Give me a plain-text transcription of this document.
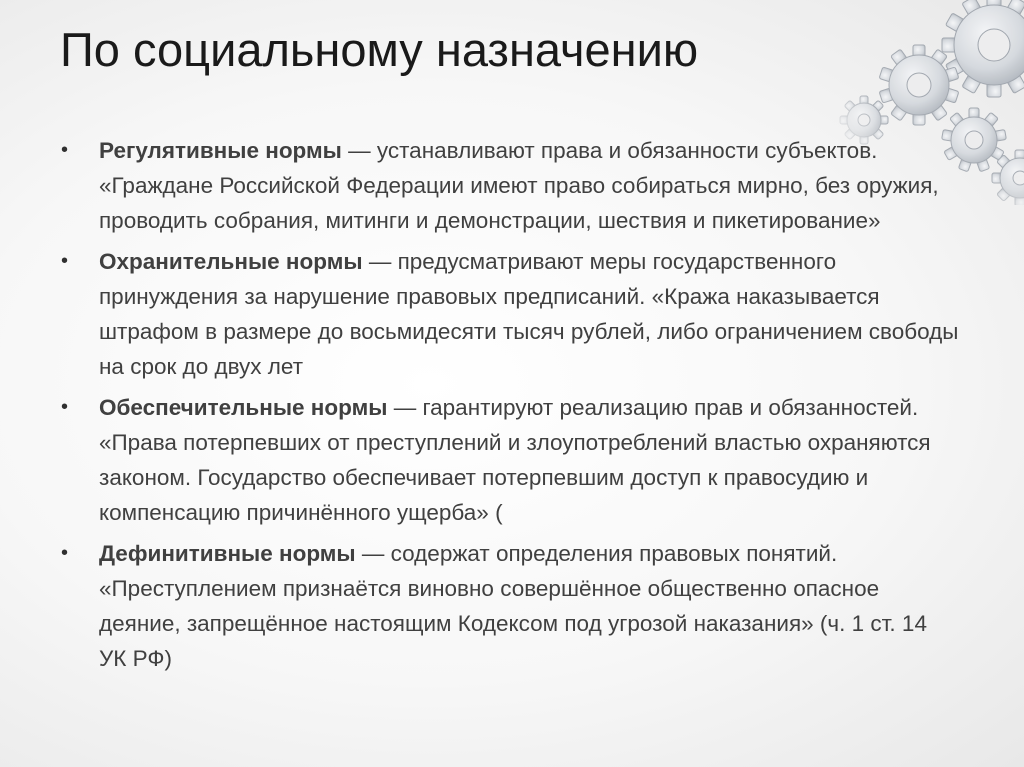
По социальному назначению
• Регулятивные нормы — устанавливают права и обязанности субъектов. «Граждане Российской Федерации имеют право собираться мирно, без оружия, проводить собрания, митинги и демонстрации, шествия и пикетирование»
• Охранительные нормы — предусматривают меры государственного принуждения за нарушение правовых предписаний. «Кража наказывается штрафом в размере до восьмидесяти тысяч рублей, либо ограничением свободы на срок до двух лет
• Обеспечительные нормы — гарантируют реализацию прав и обязанностей.  «Права потерпевших от преступлений и злоупотреблений властью охраняются законом. Государство обеспечивает потерпевшим доступ к правосудию и компенсацию причинённого ущерба» (
• Дефинитивные нормы — содержат определения правовых понятий. «Преступлением признаётся виновно совершённое общественно опасное деяние, запрещённое настоящим Кодексом под угрозой наказания» (ч. 1 ст. 14 УК РФ)
